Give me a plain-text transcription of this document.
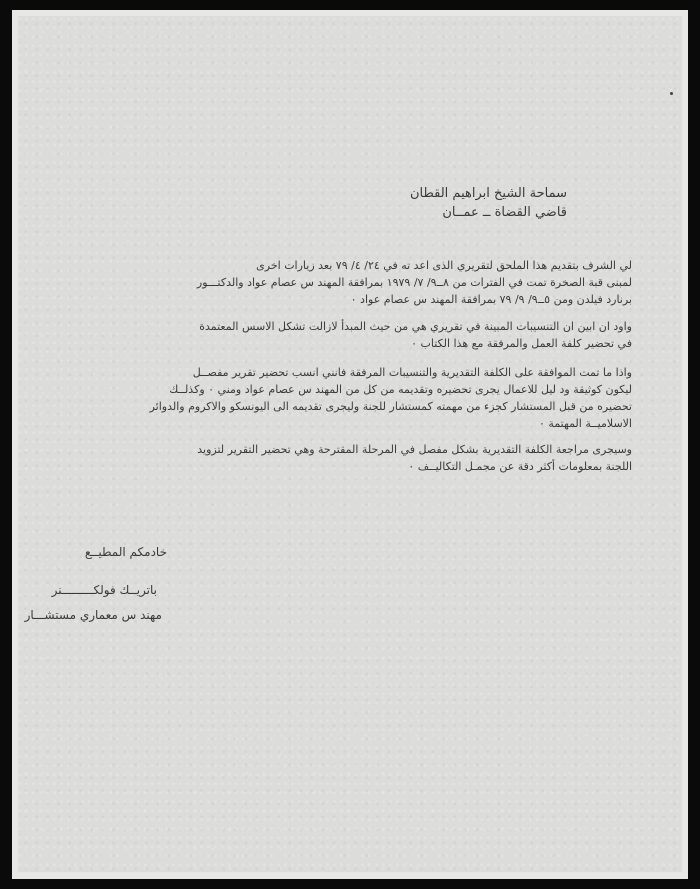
سماحة الشيخ ابراهيم القطان
قاضي القضاة ــ عمــان
لي الشرف بتقديم هذا الملحق لتقريري الذى اعد ته في ٢٤/ ٤/ ٧٩ بعد زيارات اخرى
لمبنى قبة الصخرة تمت في الفترات من ٨ــ٩/ ٧/ ١٩٧٩ بمرافقة المهند س عصام عواد والدكتـــور
برنارد فيلدن ومن ٥ــ٩/ ٩/ ٧٩ بمرافقة المهند س عصام عواد ٠
واود ان ابين ان التنسيبات المبينة في تقريري هي من حيث المبدأ لازالت تشكل الاسس المعتمدة
في تحضير كلفة العمل والمرفقة مع هذا الكتاب ٠
واذا ما تمت الموافقة على الكلفة التقديرية والتنسيبات المرفقة فانني انسب تحضير تقرير مفصــل
ليكون كوثيقة ود ليل للاعمال يجرى تحضيره وتقديمه من كل من المهند س عصام عواد ومني ٠ وكذلــك
تحضيره من قبل المستشار كجزء من مهمته كمستشار للجنة وليجرى تقديمه الى اليونسكو والاكروم والدوائر
الاسلاميــة المهتمة ٠
وسيجرى مراجعة الكلفة التقديرية بشكل مفصل في المرحلة المقترحة وهي تحضير التقرير لتزويد
اللجنة بمعلومات أكثر دقة عن مجمـل التكاليــف ٠
خادمكم المطيــع
باتريــك فولكـــــــــنر
مهند س معماري مستشـــار
